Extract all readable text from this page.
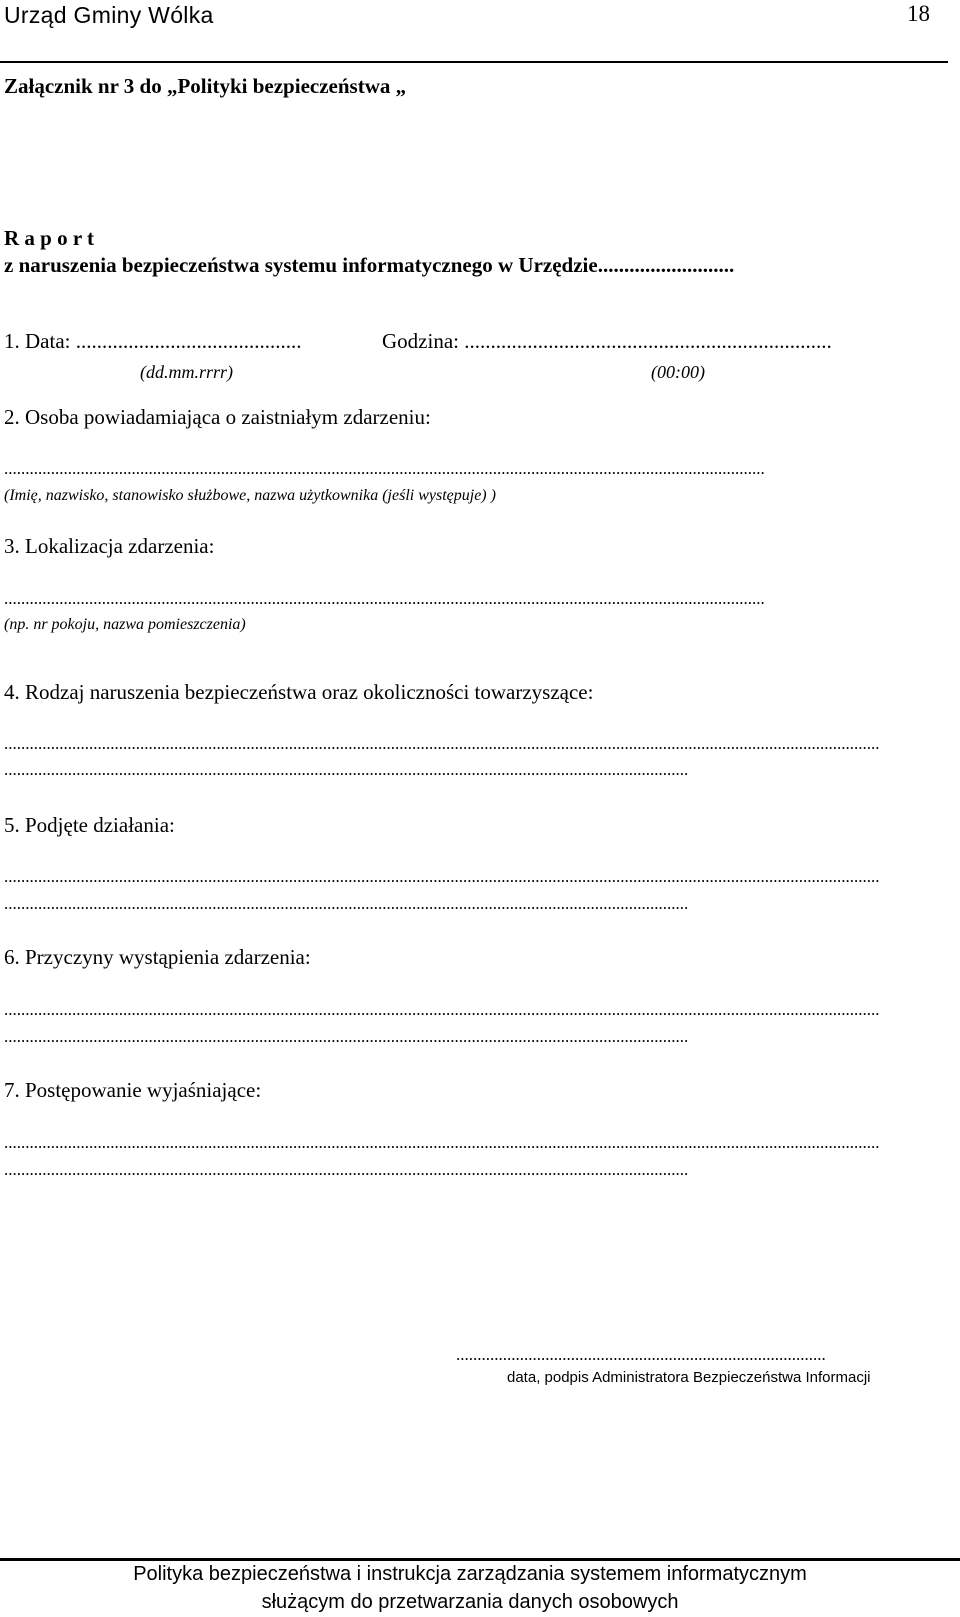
Urząd Gminy Wólka	18
Załącznik nr 3 do „Polityki bezpieczeństwa „
R a p o r t
z naruszenia bezpieczeństwa systemu informatycznego w Urzędzie..........................
1. Data: ...........................................	Godzina: ......................................................................
(dd.mm.rrrr)	(00:00)
2. Osoba powiadamiająca o zaistniałym zdarzeniu:
...................................................................................................................................................................................
(Imię, nazwisko, stanowisko służbowe, nazwa użytkownika (jeśli występuje) )
3. Lokalizacja zdarzenia:
...................................................................................................................................................................................
(np. nr pokoju, nazwa pomieszczenia)
4. Rodzaj naruszenia bezpieczeństwa oraz okoliczności towarzyszące:
..............................................................................................................................................................................................................
.................................................................................................................................................................
5. Podjęte działania:
..............................................................................................................................................................................................................
.................................................................................................................................................................
6. Przyczyny wystąpienia zdarzenia:
..............................................................................................................................................................................................................
.................................................................................................................................................................
7. Postępowanie wyjaśniające:
..............................................................................................................................................................................................................
.................................................................................................................................................................
.......................................................................................
data, podpis Administratora Bezpieczeństwa Informacji
Polityka bezpieczeństwa i instrukcja zarządzania systemem informatycznym
służącym do przetwarzania danych osobowych
